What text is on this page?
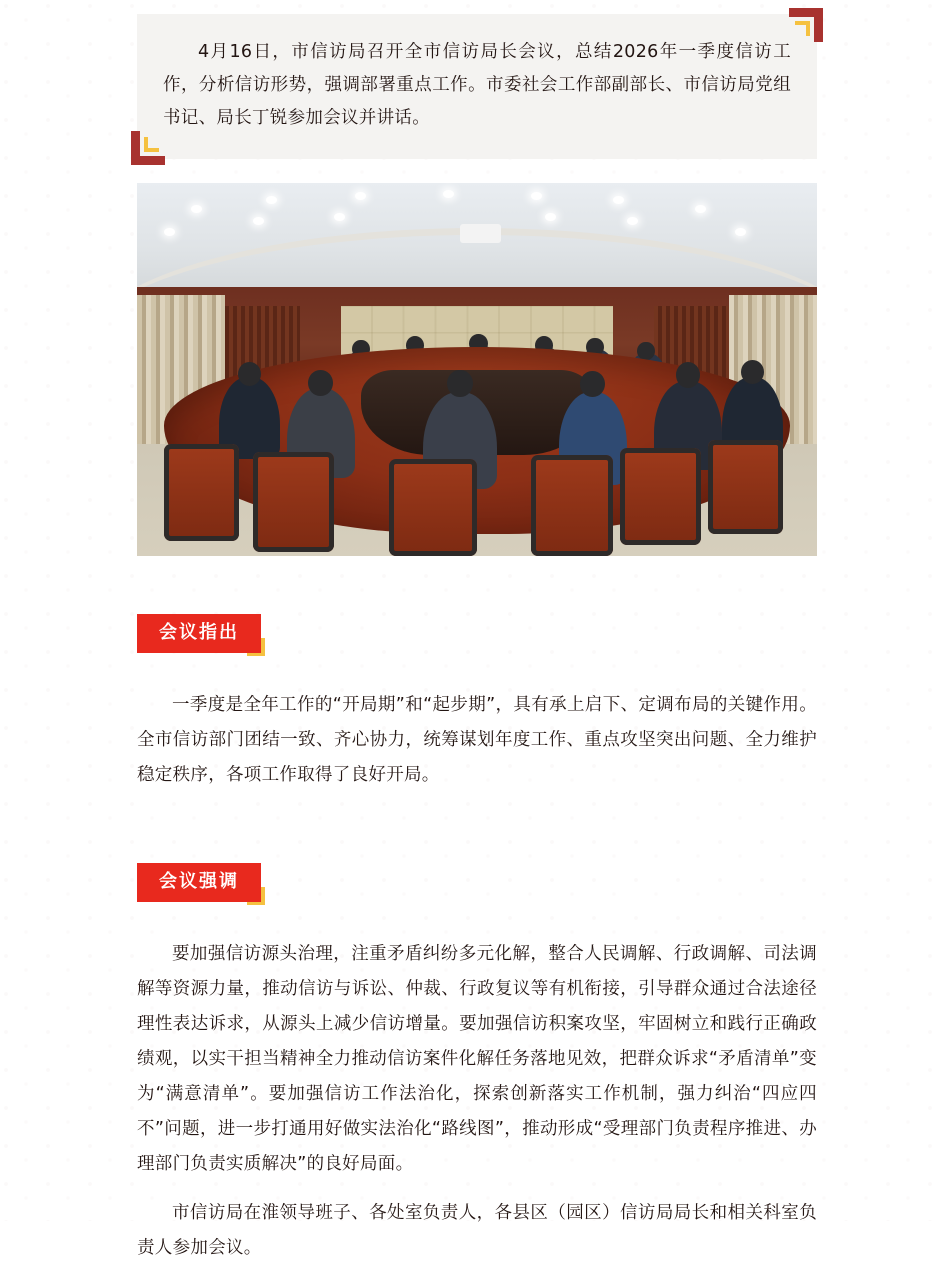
4月16日，市信访局召开全市信访局长会议，总结2026年一季度信访工作，分析信访形势，强调部署重点工作。市委社会工作部副部长、市信访局党组书记、局长丁锐参加会议并讲话。

会议指出

一季度是全年工作的“开局期”和“起步期”，具有承上启下、定调布局的关键作用。全市信访部门团结一致、齐心协力，统筹谋划年度工作、重点攻坚突出问题、全力维护稳定秩序，各项工作取得了良好开局。

会议强调

要加强信访源头治理，注重矛盾纠纷多元化解，整合人民调解、行政调解、司法调解等资源力量，推动信访与诉讼、仲裁、行政复议等有机衔接，引导群众通过合法途径理性表达诉求，从源头上减少信访增量。要加强信访积案攻坚，牢固树立和践行正确政绩观，以实干担当精神全力推动信访案件化解任务落地见效，把群众诉求“矛盾清单”变为“满意清单”。要加强信访工作法治化，探索创新落实工作机制，强力纠治“四应四不”问题，进一步打通用好做实法治化“路线图”，推动形成“受理部门负责程序推进、办理部门负责实质解决”的良好局面。

市信访局在淮领导班子、各处室负责人，各县区（园区）信访局局长和相关科室负责人参加会议。
